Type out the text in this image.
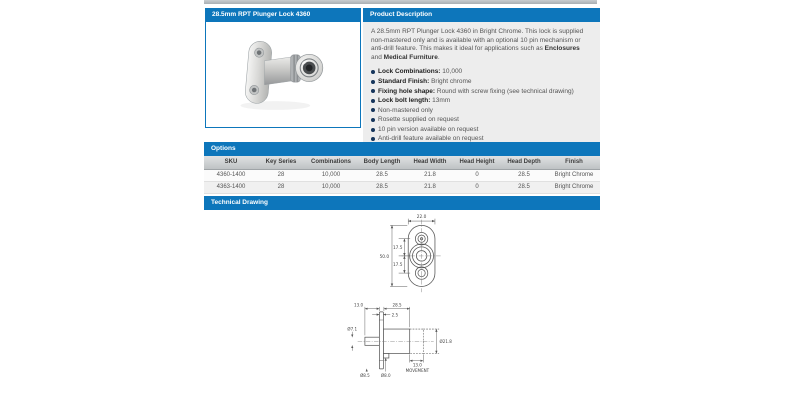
28.5mm RPT Plunger Lock 4360	Product Description
A 28.5mm RPT Plunger Lock 4360 in Bright Chrome. This lock is supplied non-mastered only and is available with an optional 10 pin mechanism or anti-drill feature. This makes it ideal for applications such as Enclosures and Medical Furniture.
Lock Combinations: 10,000
Standard Finish: Bright chrome
Fixing hole shape: Round with screw fixing (see technical drawing)
Lock bolt length: 13mm
Non-mastered only
Rosette supplied on request
10 pin version available on request
Anti-drill feature available on request
Options
SKU	Key Series	Combinations	Body Length	Head Width	Head Height	Head Depth	Finish
4360-1400	28	10,000	28.5	21.8	0	28.5	Bright Chrome
4363-1400	28	10,000	28.5	21.8	0	28.5	Bright Chrome
Technical Drawing
22.0
50.0
17.5
17.5
13.0	28.5
2.5
Ø7.1
Ø21.8
Ø8.5 Ø8.0
13.0
MOVEMENT
